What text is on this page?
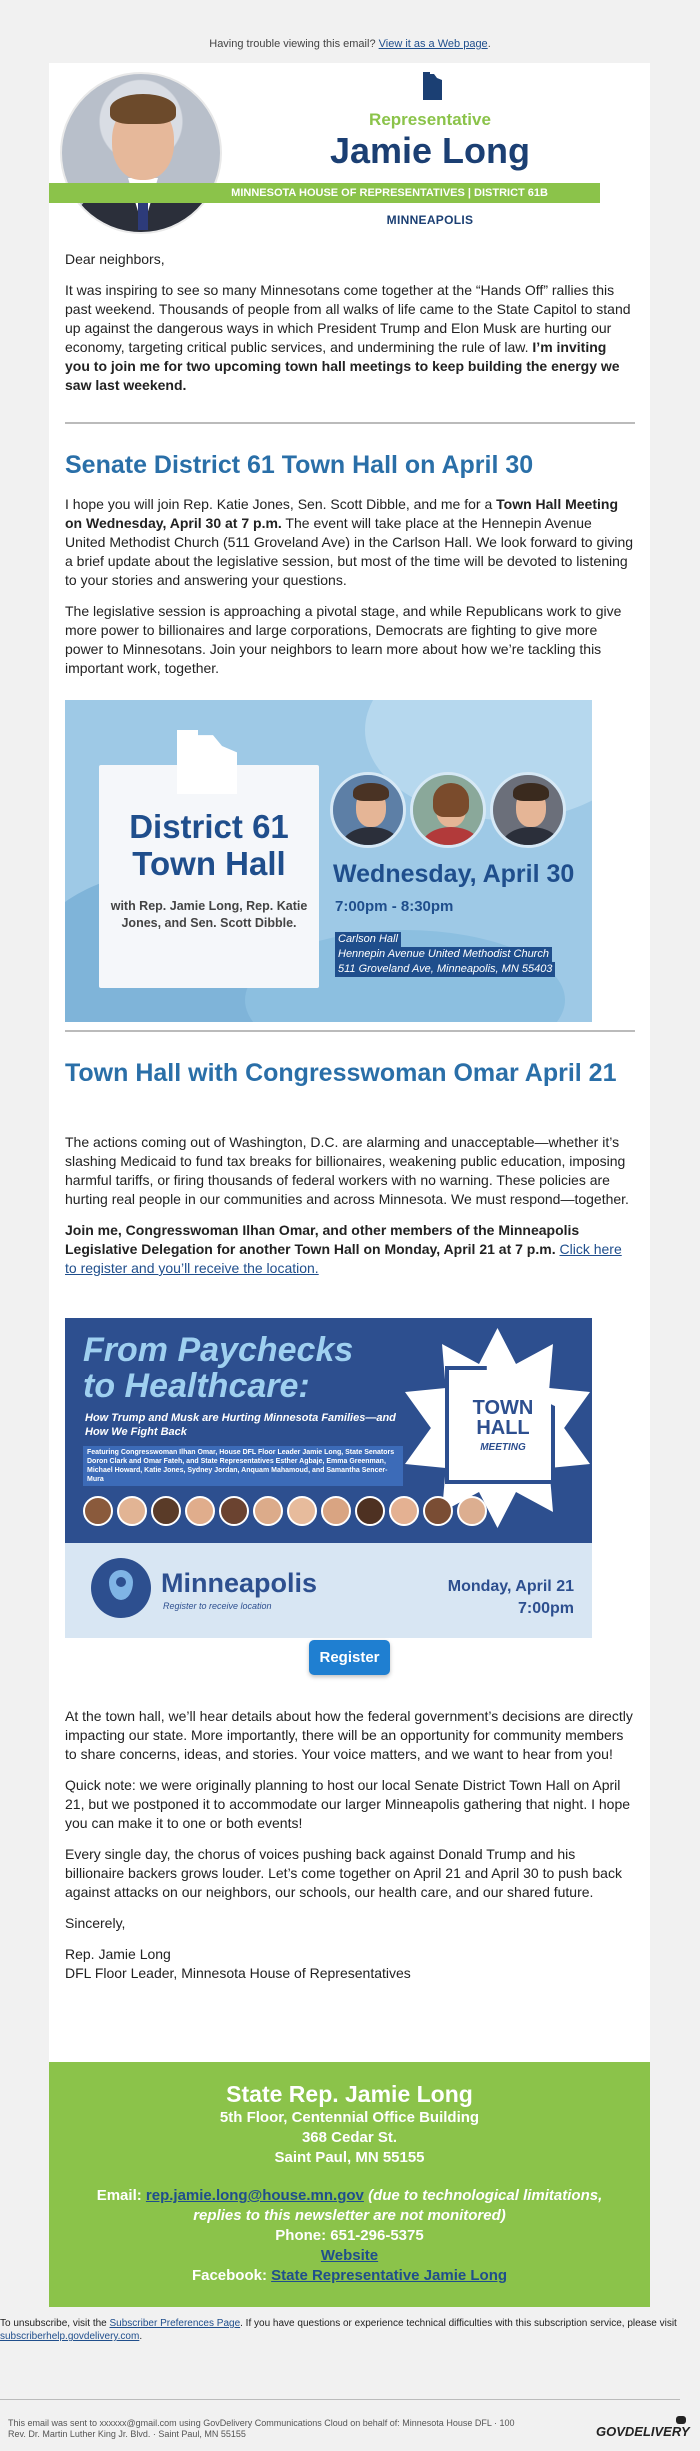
Having trouble viewing this email? View it as a Web page.
Representative
Jamie Long
MINNESOTA HOUSE OF REPRESENTATIVES | DISTRICT 61B
MINNEAPOLIS

Dear neighbors,

It was inspiring to see so many Minnesotans come together at the “Hands Off” rallies this past weekend. Thousands of people from all walks of life came to the State Capitol to stand up against the dangerous ways in which President Trump and Elon Musk are hurting our economy, targeting critical public services, and undermining the rule of law. I’m inviting you to join me for two upcoming town hall meetings to keep building the energy we saw last weekend.

Senate District 61 Town Hall on April 30

I hope you will join Rep. Katie Jones, Sen. Scott Dibble, and me for a Town Hall Meeting on Wednesday, April 30 at 7 p.m. The event will take place at the Hennepin Avenue United Methodist Church (511 Groveland Ave) in the Carlson Hall. We look forward to giving a brief update about the legislative session, but most of the time will be devoted to listening to your stories and answering your questions.

The legislative session is approaching a pivotal stage, and while Republicans work to give more power to billionaires and large corporations, Democrats are fighting to give more power to Minnesotans. Join your neighbors to learn more about how we’re tackling this important work, together.

District 61
Town Hall
with Rep. Jamie Long, Rep. Katie Jones, and Sen. Scott Dibble.
Wednesday, April 30
7:00pm - 8:30pm
Carlson Hall
Hennepin Avenue United Methodist Church
511 Groveland Ave, Minneapolis, MN 55403
Town Hall with Congresswoman Omar April 21

The actions coming out of Washington, D.C. are alarming and unacceptable—whether it’s slashing Medicaid to fund tax breaks for billionaires, weakening public education, imposing harmful tariffs, or firing thousands of federal workers with no warning. These policies are hurting real people in our communities and across Minnesota. We must respond—together.

Join me, Congresswoman Ilhan Omar, and other members of the Minneapolis Legislative Delegation for another Town Hall on Monday, April 21 at 7 p.m. Click here to register and you’ll receive the location.

From Paychecks
to Healthcare:
How Trump and Musk are Hurting Minnesota Families—and How We Fight Back
Featuring Congresswoman Ilhan Omar, House DFL Floor Leader Jamie Long, State Senators Doron Clark and Omar Fateh, and State Representatives Esther Agbaje, Emma Greenman, Michael Howard, Katie Jones, Sydney Jordan, Anquam Mahamoud, and Samantha Sencer-Mura
TOWN
HALL
MEETING
Minneapolis
Register to receive location
Monday, April 21
7:00pm
Register

At the town hall, we’ll hear details about how the federal government’s decisions are directly impacting our state. More importantly, there will be an opportunity for community members to share concerns, ideas, and stories. Your voice matters, and we want to hear from you!

Quick note: we were originally planning to host our local Senate District Town Hall on April 21, but we postponed it to accommodate our larger Minneapolis gathering that night. I hope you can make it to one or both events!

Every single day, the chorus of voices pushing back against Donald Trump and his billionaire backers grows louder. Let’s come together on April 21 and April 30 to push back against attacks on our neighbors, our schools, our health care, and our shared future.

Sincerely,

Rep. Jamie Long
DFL Floor Leader, Minnesota House of Representatives
State Rep. Jamie Long
5th Floor, Centennial Office Building
368 Cedar St.
Saint Paul, MN 55155
Email: rep.jamie.long@house.mn.gov (due to technological limitations, replies to this newsletter are not monitored)
Phone: 651-296-5375
Website
Facebook: State Representative Jamie Long
To unsubscribe, visit the Subscriber Preferences Page. If you have questions or experience technical difficulties with this subscription service, please visit subscriberhelp.govdelivery.com.
This email was sent to xxxxxx@gmail.com using GovDelivery Communications Cloud on behalf of: Minnesota House DFL · 100
Rev. Dr. Martin Luther King Jr. Blvd. · Saint Paul, MN 55155	GOVDELIVERY
